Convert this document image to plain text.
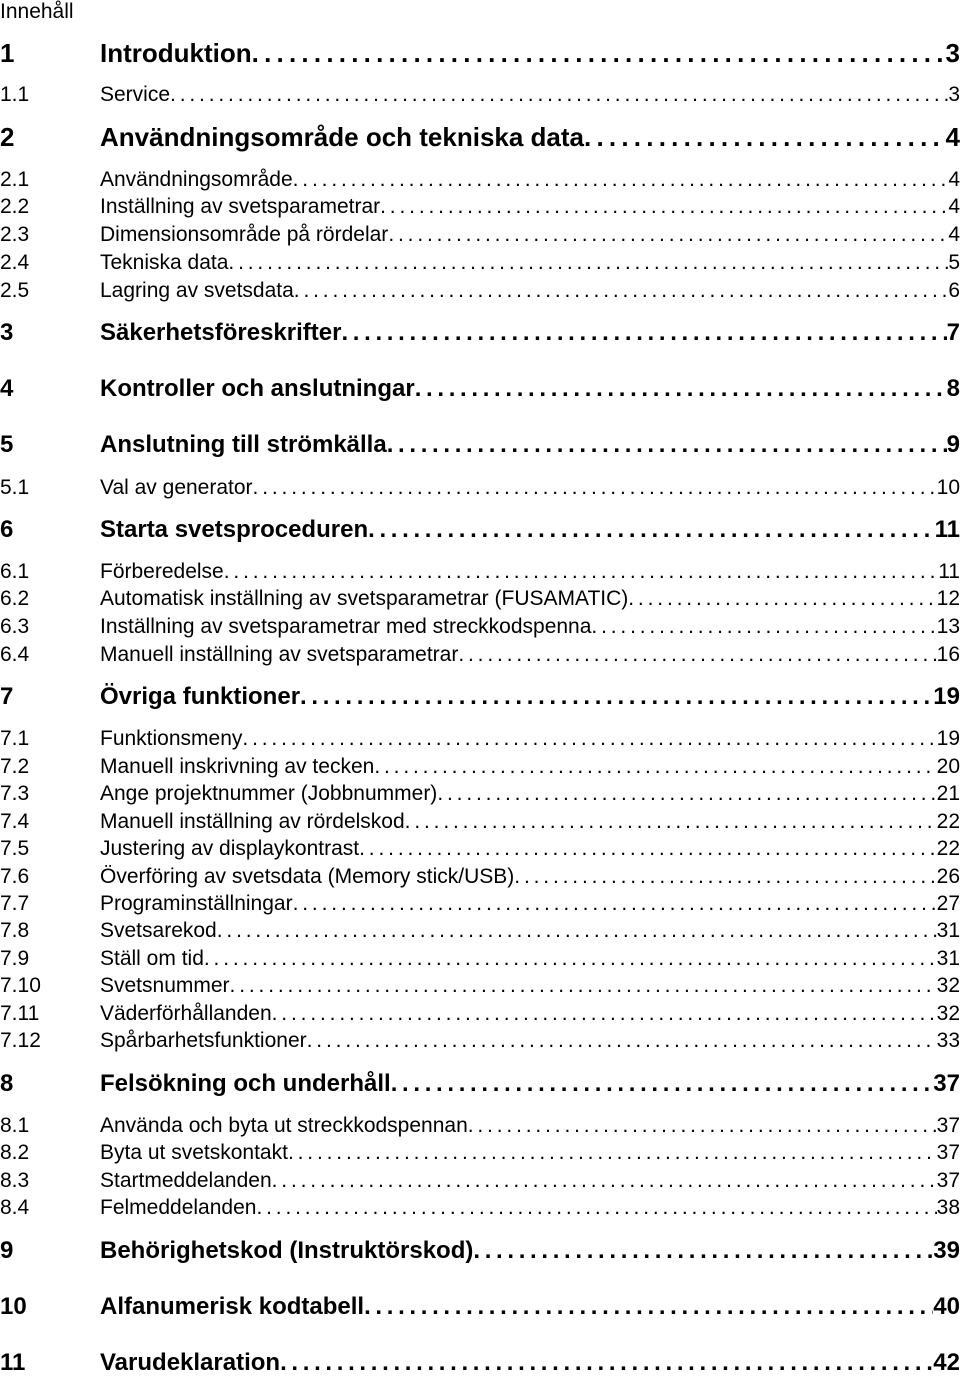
Innehåll
1	Introduktion . . .	3
1.1	Service . . .	3
2	Användningsområde och tekniska data . . .	4
2.1	Användningsområde . . .	4
2.2	Inställning av svetsparametrar . . .	4
2.3	Dimensionsområde på rördelar . . .	4
2.4	Tekniska data . . .	5
2.5	Lagring av svetsdata . . .	6
3	Säkerhetsföreskrifter . . .	7
4	Kontroller och anslutningar . . .	8
5	Anslutning till strömkälla . . .	9
5.1	Val av generator . . .	10
6	Starta svetsproceduren . . .	11
6.1	Förberedelse . . .	11
6.2	Automatisk inställning av svetsparametrar (FUSAMATIC) . . .	12
6.3	Inställning av svetsparametrar med streckkodspenna . . .	13
6.4	Manuell inställning av svetsparametrar . . .	16
7	Övriga funktioner . . .	19
7.1	Funktionsmeny . . .	19
7.2	Manuell inskrivning av tecken . . .	20
7.3	Ange projektnummer (Jobbnummer) . . .	21
7.4	Manuell inställning av rördelskod . . .	22
7.5	Justering av displaykontrast . . .	22
7.6	Överföring av svetsdata (Memory stick/USB) . . .	26
7.7	Programinställningar . . .	27
7.8	Svetsarekod . . .	31
7.9	Ställ om tid . . .	31
7.10	Svetsnummer . . .	32
7.11	Väderförhållanden . . .	32
7.12	Spårbarhetsfunktioner . . .	33
8	Felsökning och underhåll . . .	37
8.1	Använda och byta ut streckkodspennan . . .	37
8.2	Byta ut svetskontakt . . .	37
8.3	Startmeddelanden . . .	37
8.4	Felmeddelanden . . .	38
9	Behörighetskod (Instruktörskod) . . .	39
10	Alfanumerisk kodtabell . . .	40
11	Varudeklaration . . .	42
